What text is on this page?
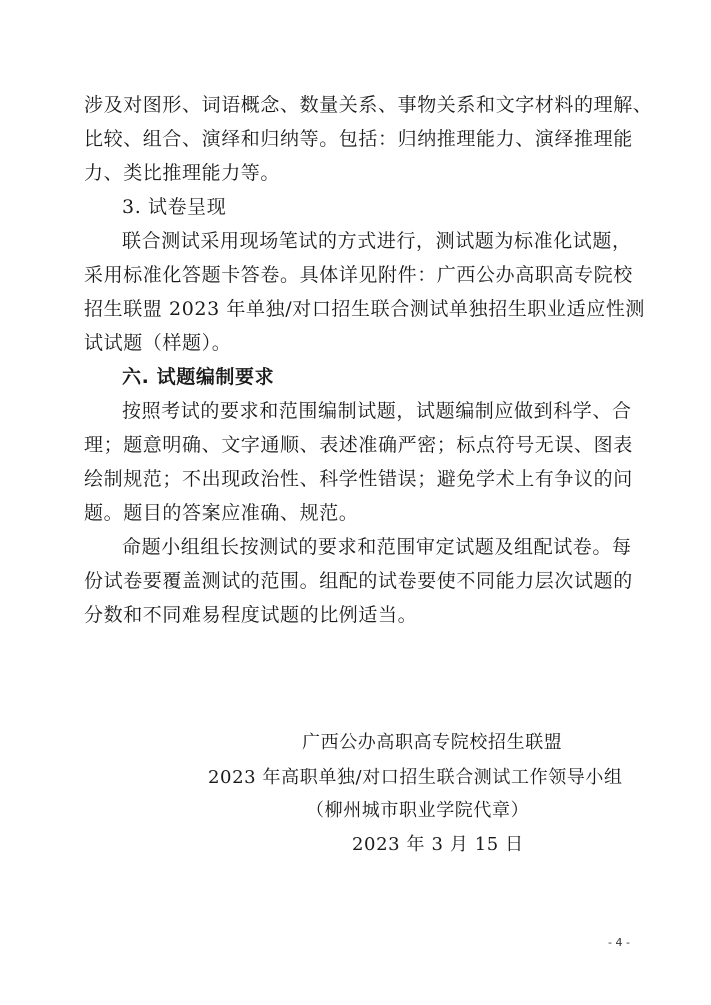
涉及对图形、词语概念、数量关系、事物关系和文字材料的理解、
比较、组合、演绎和归纳等。包括：归纳推理能力、演绎推理能
力、类比推理能力等。
3. 试卷呈现
联合测试采用现场笔试的方式进行，测试题为标准化试题，
采用标准化答题卡答卷。具体详见附件：广西公办高职高专院校
招生联盟 2023 年单独/对口招生联合测试单独招生职业适应性测
试试题（样题）。
六. 试题编制要求
按照考试的要求和范围编制试题，试题编制应做到科学、合
理；题意明确、文字通顺、表述准确严密；标点符号无误、图表
绘制规范；不出现政治性、科学性错误；避免学术上有争议的问
题。题目的答案应准确、规范。
命题小组组长按测试的要求和范围审定试题及组配试卷。每
份试卷要覆盖测试的范围。组配的试卷要使不同能力层次试题的
分数和不同难易程度试题的比例适当。
广西公办高职高专院校招生联盟
2023 年高职单独/对口招生联合测试工作领导小组
（柳州城市职业学院代章）
2023 年 3 月 15 日
- 4 -
